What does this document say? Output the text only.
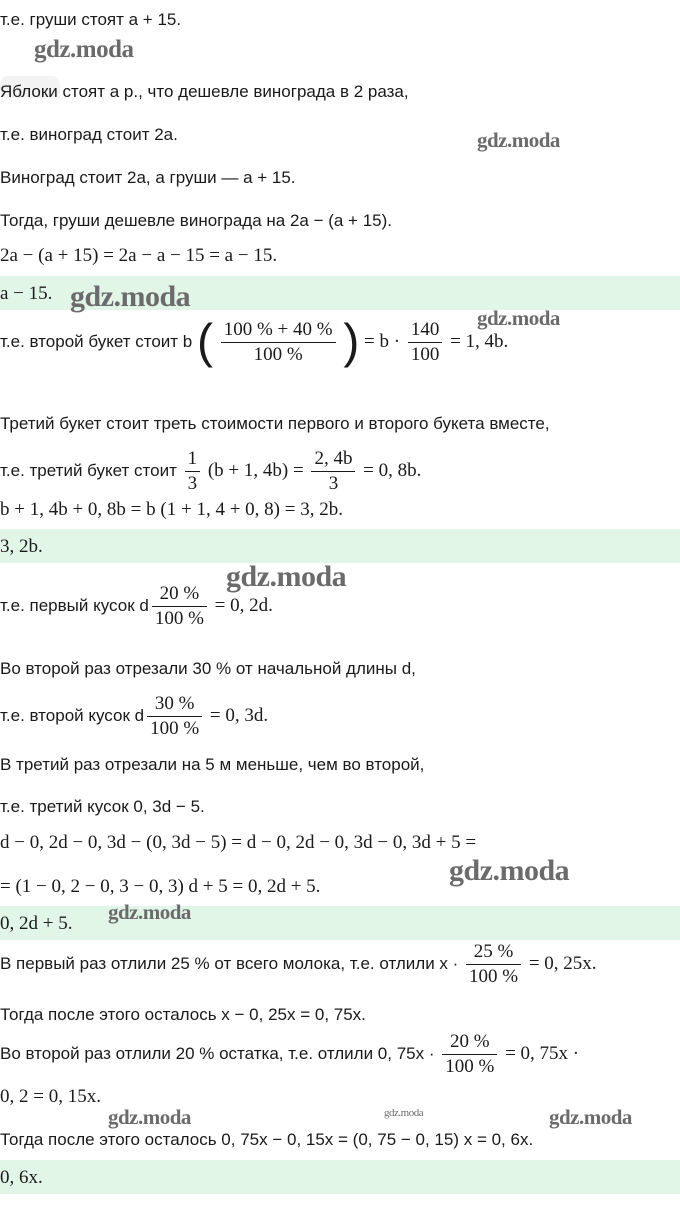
gdz.moda
gdz.moda
gdz.moda
gdz.moda
gdz.moda
gdz.moda
gdz.moda
gdz.moda	gdz.moda	gdz.moda
т.е. груши стоят a + 15.
Яблоки стоят a р., что дешевле винограда в 2 раза,
т.е. виноград стоит 2a.
Виноград стоит 2a, а груши — a + 15.
Тогда, груши дешевле винограда на 2a − (a + 15).
2a − (a + 15) = 2a − a − 15 = a − 15.
a − 15.
т.е. второй букет стоит b ( $\frac{100 \% + 40 \%}{100 \%}$ ) = $b \cdot \frac{140}{100} = 1$, 4b.
Третий букет стоит треть стоимости первого и второго букета вместе,
т.е. третий букет стоит $\frac{1}{3} (b + 1$, $4b) = \frac{2, 4b}{3} = 0$, 8b.
b + 1, 4b + 0, 8b = b (1 + 1, 4 + 0, 8) = 3, 2b.
3, 2b.
т.е. первый кусок d $\frac{20 \%}{100 \%} = 0$, 2d.
Во второй раз отрезали 30 % от начальной длины d,
т.е. второй кусок d $\frac{30 \%}{100 \%} = 0$, 3d.
В третий раз отрезали на 5 м меньше, чем во второй,
т.е. третий кусок 0, 3d − 5.
d − 0, 2d − 0, 3d − (0, 3d − 5) = d − 0, 2d − 0, 3d − 0, 3d + 5 =
= (1 − 0, 2 − 0, 3 − 0, 3) d + 5 = 0, 2d + 5.
0, 2d + 5.
В первый раз отлили 25 % от всего молока, т.е. отлили $x \cdot \frac{25 \%}{100 \%} = 0$, 25x.
Тогда после этого осталось x − 0, 25x = 0, 75x.
Во второй раз отлили 20 % остатка, т.е. отлили 0, $75x \cdot \frac{20 \%}{100 \%} = 0$, 75x ·
0, 2 = 0, 15x.
Тогда после этого осталось 0, 75x − 0, 15x = (0, 75 − 0, 15) x = 0, 6x.
0, 6x.
